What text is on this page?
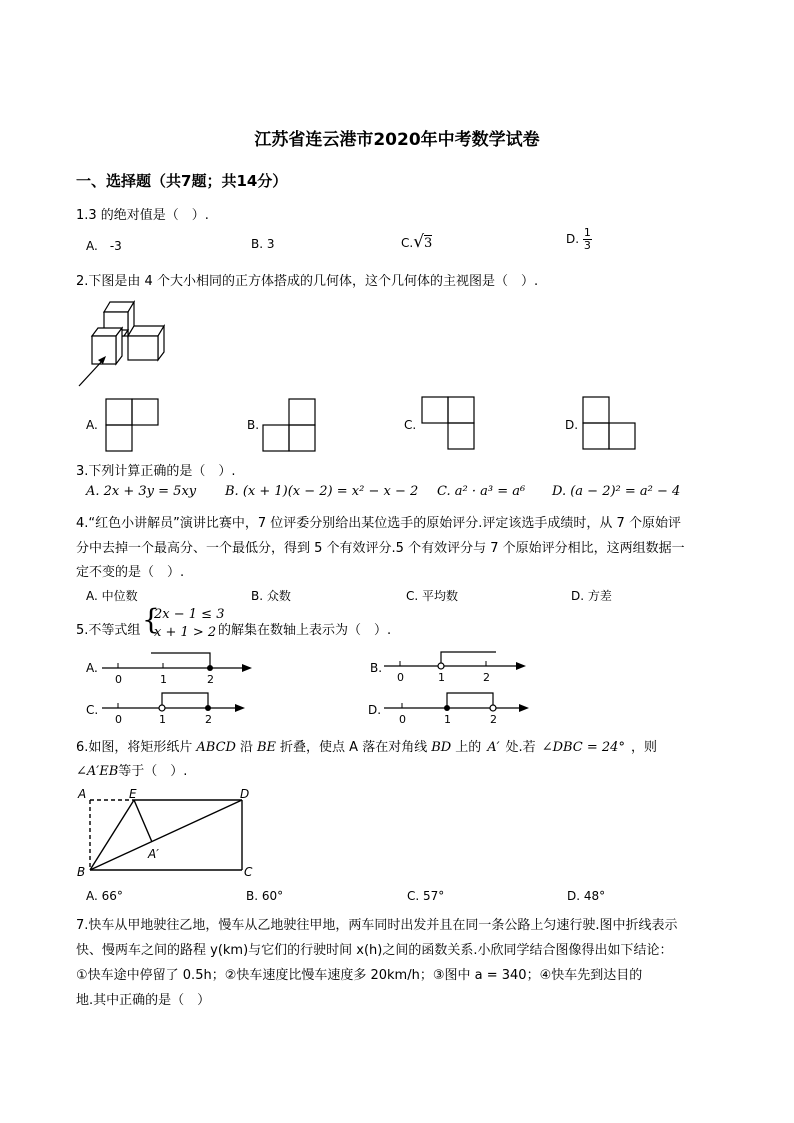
江苏省连云港市2020年中考数学试卷
一、选择题（共7题；共14分）
1.3 的绝对值是（　）.
A.　-3	B. 3	C.√3	D. $\frac{1}{3}$
2.下图是由 4 个大小相同的正方体搭成的几何体，这个几何体的主视图是（　）.
A.	B.	C.	D.
3.下列计算正确的是（　）.
A. 2x + 3y = 5xy B. (x + 1)(x − 2) = x² − x − 2 C. a² · a³ = a⁶ D. (a − 2)² = a² − 4
4.“红色小讲解员”演讲比赛中，7 位评委分别给出某位选手的原始评分.评定该选手成绩时，从 7 个原始评
分中去掉一个最高分、一个最低分，得到 5 个有效评分.5 个有效评分与 7 个原始评分相比，这两组数据一
定不变的是（　）.
A. 中位数	B. 众数	C. 平均数	D. 方差
5.不等式组 {
2x − 1 ≤ 3
x + 1 > 2 的解集在数轴上表示为（　）.
A.
0	1	2
B.
0	1	2
C.
0	1	2
D.
0	1	2
6.如图，将矩形纸片 ABCD 沿 BE 折叠，使点 A 落在对角线 BD 上的 A′ 处.若 ∠DBC = 24° ，则
∠A′EB等于（　）.
A	E	D
B	C
A′
A. 66°	B. 60°	C. 57°	D. 48°
7.快车从甲地驶往乙地，慢车从乙地驶往甲地，两车同时出发并且在同一条公路上匀速行驶.图中折线表示
快、慢两车之间的路程 y(km)与它们的行驶时间 x(h)之间的函数关系.小欣同学结合图像得出如下结论：
①快车途中停留了 0.5h；②快车速度比慢车速度多 20km/h；③图中 a = 340；④快车先到达目的
地.其中正确的是（　）
